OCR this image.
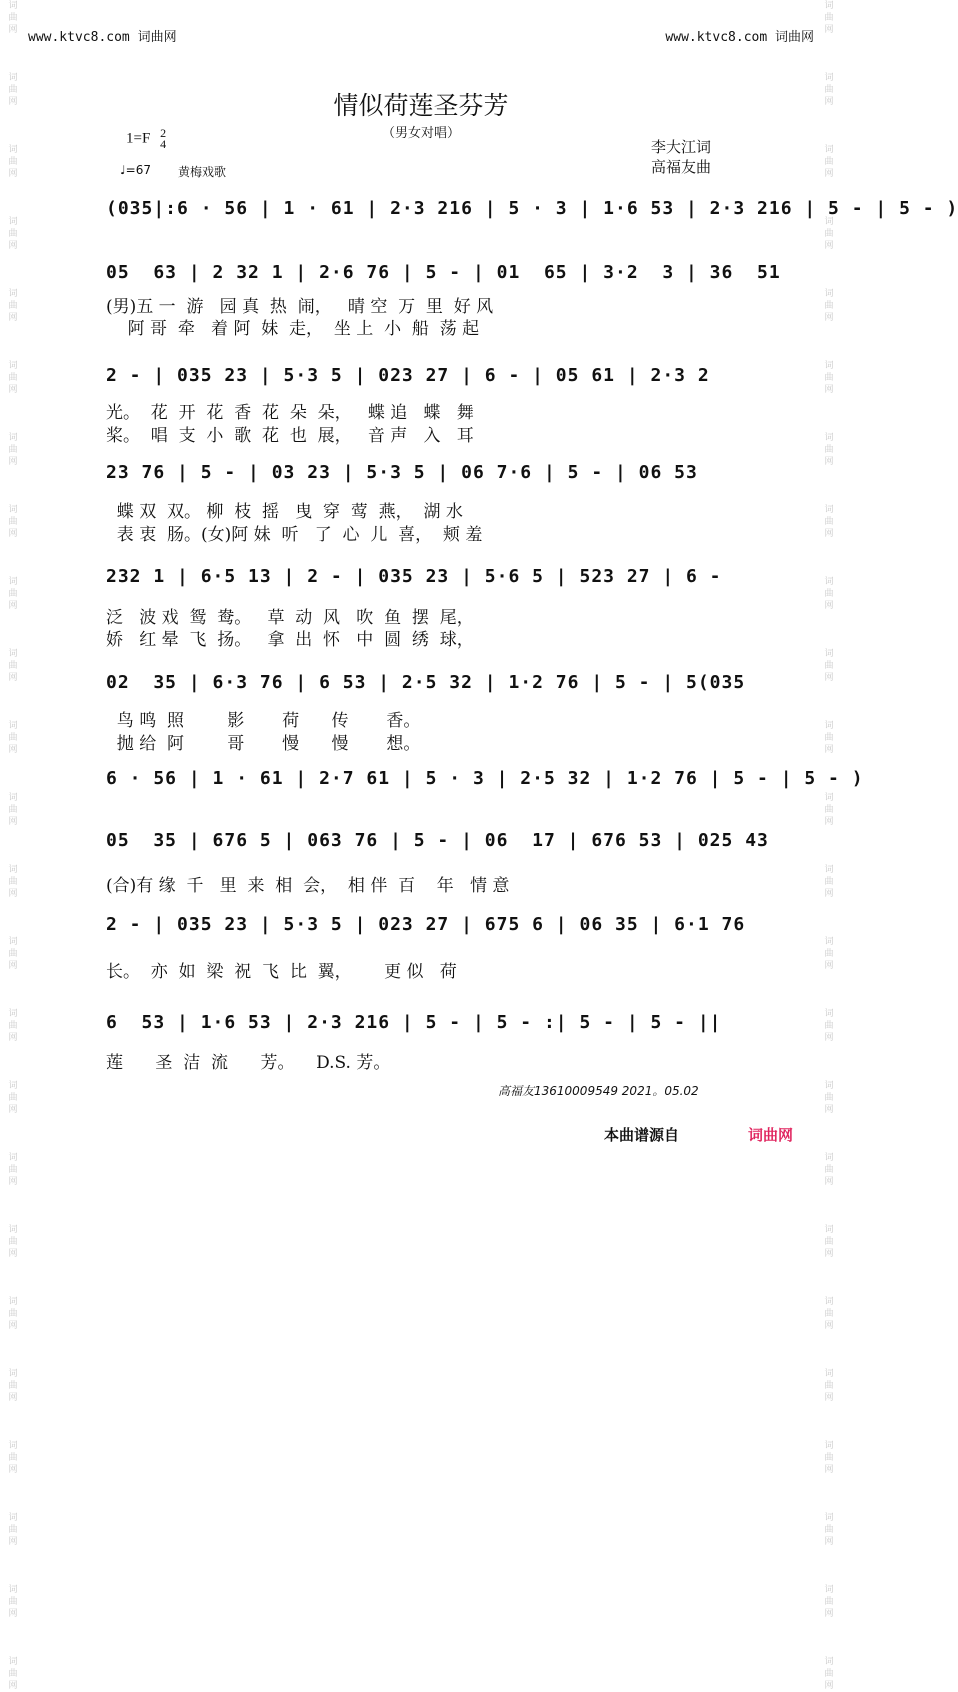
词
曲
网

词
曲
网

词
曲
网

词
曲
网

词
曲
网

词
曲
网

词
曲
网

词
曲
网

词
曲
网

词
曲
网

词
曲
网

词
曲
网

词
曲
网

词
曲
网

词
曲
网

词
曲
网

词
曲
网

词
曲
网

词
曲
网

词
曲
网

词
曲
网

词
曲
网

词
曲
网

词
曲
网

词
曲
网

词
曲
网

词
曲
网

词
曲
网

词
曲
网

词
曲
网

词
曲
网

词
曲
网

词
曲
网

词
曲
网

词
曲
网

词
曲
网

词
曲
网

词
曲
网

词
曲
网

词
曲
网

词
曲
网

词
曲
网

词
曲
网

词
曲
网

词
曲
网

词
曲
网

词
曲
网

词
曲
网

www.ktvc8.com 词曲网	www.ktvc8.com 词曲网
情似荷莲圣芬芳
（男女对唱）
1=F 2
4
♩=67 黄梅戏歌
李大江词
高福友曲
(035|:6 · 56 | 1 · 61 | 2·3 216 | 5 · 3 | 1·6 53 | 2·3 216 | 5 - | 5 - )
05  63 | 2 32 1 | 2·6 76 | 5 - | 01  65 | 3·2  3 | 36  51
(男)五 一  游   园 真  热  闹，   晴 空  万  里  好 风
阿 哥  牵   着 阿  妹  走，  坐 上  小  船  荡 起
2 - | 035 23 | 5·3 5 | 023 27 | 6 - | 05 61 | 2·3 2
光。  花  开  花  香  花  朵  朵，   蝶 追   蝶   舞
桨。  唱  支  小  歌  花  也  展，   音 声   入   耳
23 76 | 5 - | 03 23 | 5·3 5 | 06 7·6 | 5 - | 06 53
蝶 双  双。 柳  枝  摇   曳  穿  莺  燕，  湖 水
表 衷  肠。(女)阿 妹  听   了  心  儿  喜，  颊 羞
232 1 | 6·5 13 | 2 - | 035 23 | 5·6 5 | 523 27 | 6 -
泛   波 戏  鸳  鸯。   草  动  风   吹  鱼  摆  尾，
娇   红 晕  飞  扬。   拿  出  怀   中  圆  绣  球，
02  35 | 6·3 76 | 6 53 | 2·5 32 | 1·2 76 | 5 - | 5(035
鸟 鸣  照        影       荷      传       香。
抛 给  阿        哥       慢      慢       想。
6 · 56 | 1 · 61 | 2·7 61 | 5 · 3 | 2·5 32 | 1·2 76 | 5 - | 5 - )
05  35 | 676 5 | 063 76 | 5 - | 06  17 | 676 53 | 025 43
(合)有 缘  千   里  来  相  会，  相 伴  百    年   情 意
2 - | 035 23 | 5·3 5 | 023 27 | 675 6 | 06 35 | 6·1 76
长。  亦  如  梁  祝  飞  比  翼，      更 似   荷
6  53 | 1·6 53 | 2·3 216 | 5 - | 5 - :| 5 - | 5 - ||
莲      圣  洁  流      芳。    D.S. 芳。
高福友13610009549 2021。05.02
本曲谱源自	词曲网
